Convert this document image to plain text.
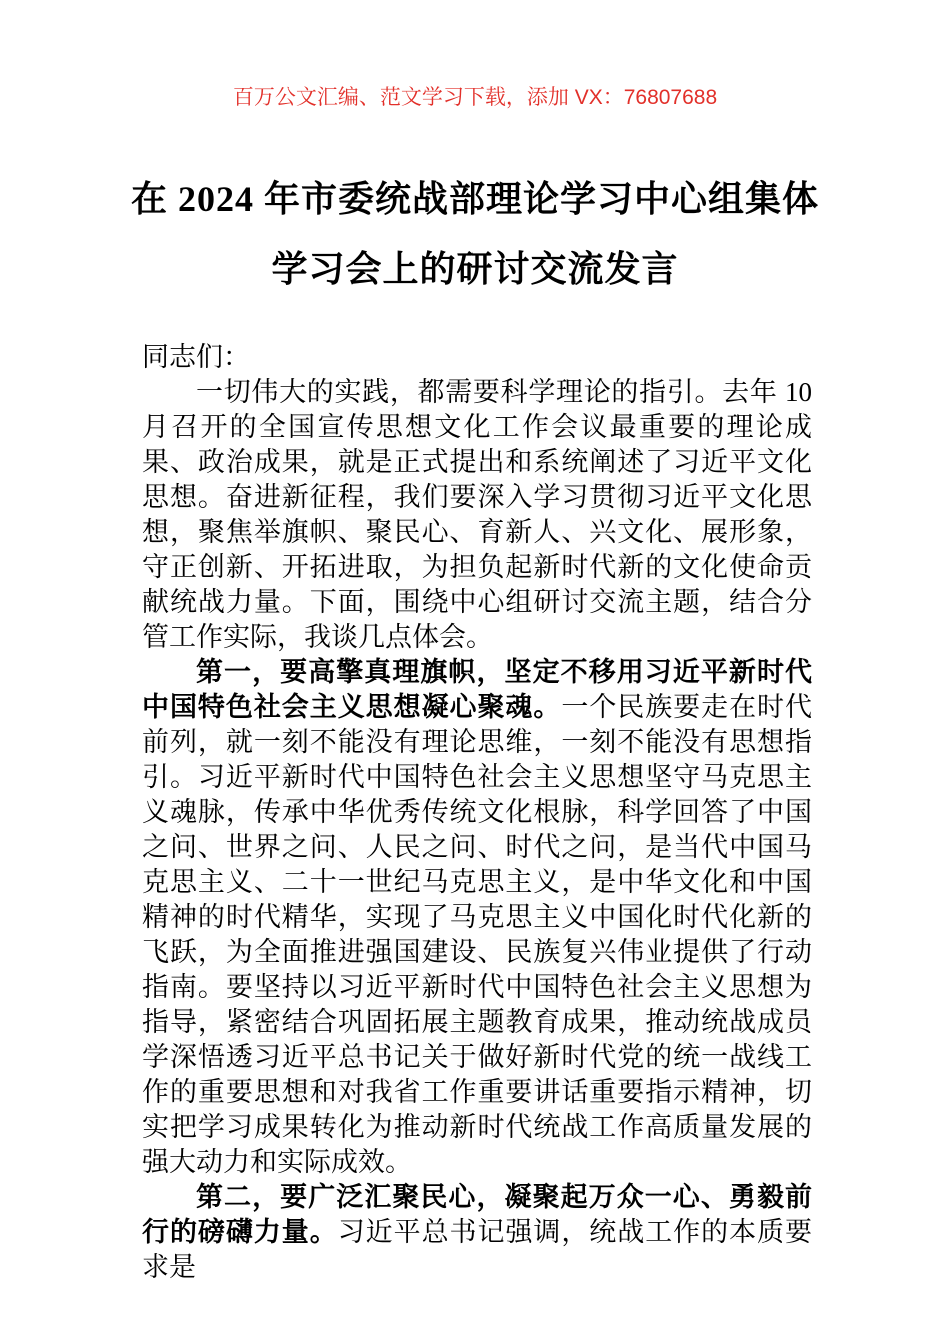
百万公文汇编、范文学习下载，添加 VX：76807688
在 2024 年市委统战部理论学习中心组集体
学习会上的研讨交流发言

同志们：

一切伟大的实践，都需要科学理论的指引。去年 10 月召开的全国宣传思想文化工作会议最重要的理论成果、政治成果，就是正式提出和系统阐述了习近平文化思想。奋进新征程，我们要深入学习贯彻习近平文化思想，聚焦举旗帜、聚民心、育新人、兴文化、展形象，守正创新、开拓进取，为担负起新时代新的文化使命贡献统战力量。下面，围绕中心组研讨交流主题，结合分管工作实际，我谈几点体会。

第一，要高擎真理旗帜，坚定不移用习近平新时代中国特色社会主义思想凝心聚魂。一个民族要走在时代前列，就一刻不能没有理论思维，一刻不能没有思想指引。习近平新时代中国特色社会主义思想坚守马克思主义魂脉，传承中华优秀传统文化根脉，科学回答了中国之问、世界之问、人民之问、时代之问，是当代中国马克思主义、二十一世纪马克思主义，是中华文化和中国精神的时代精华，实现了马克思主义中国化时代化新的飞跃，为全面推进强国建设、民族复兴伟业提供了行动指南。要坚持以习近平新时代中国特色社会主义思想为指导，紧密结合巩固拓展主题教育成果，推动统战成员学深悟透习近平总书记关于做好新时代党的统一战线工作的重要思想和对我省工作重要讲话重要指示精神，切实把学习成果转化为推动新时代统战工作高质量发展的强大动力和实际成效。

第二，要广泛汇聚民心，凝聚起万众一心、勇毅前行的磅礴力量。习近平总书记强调，统战工作的本质要求是
